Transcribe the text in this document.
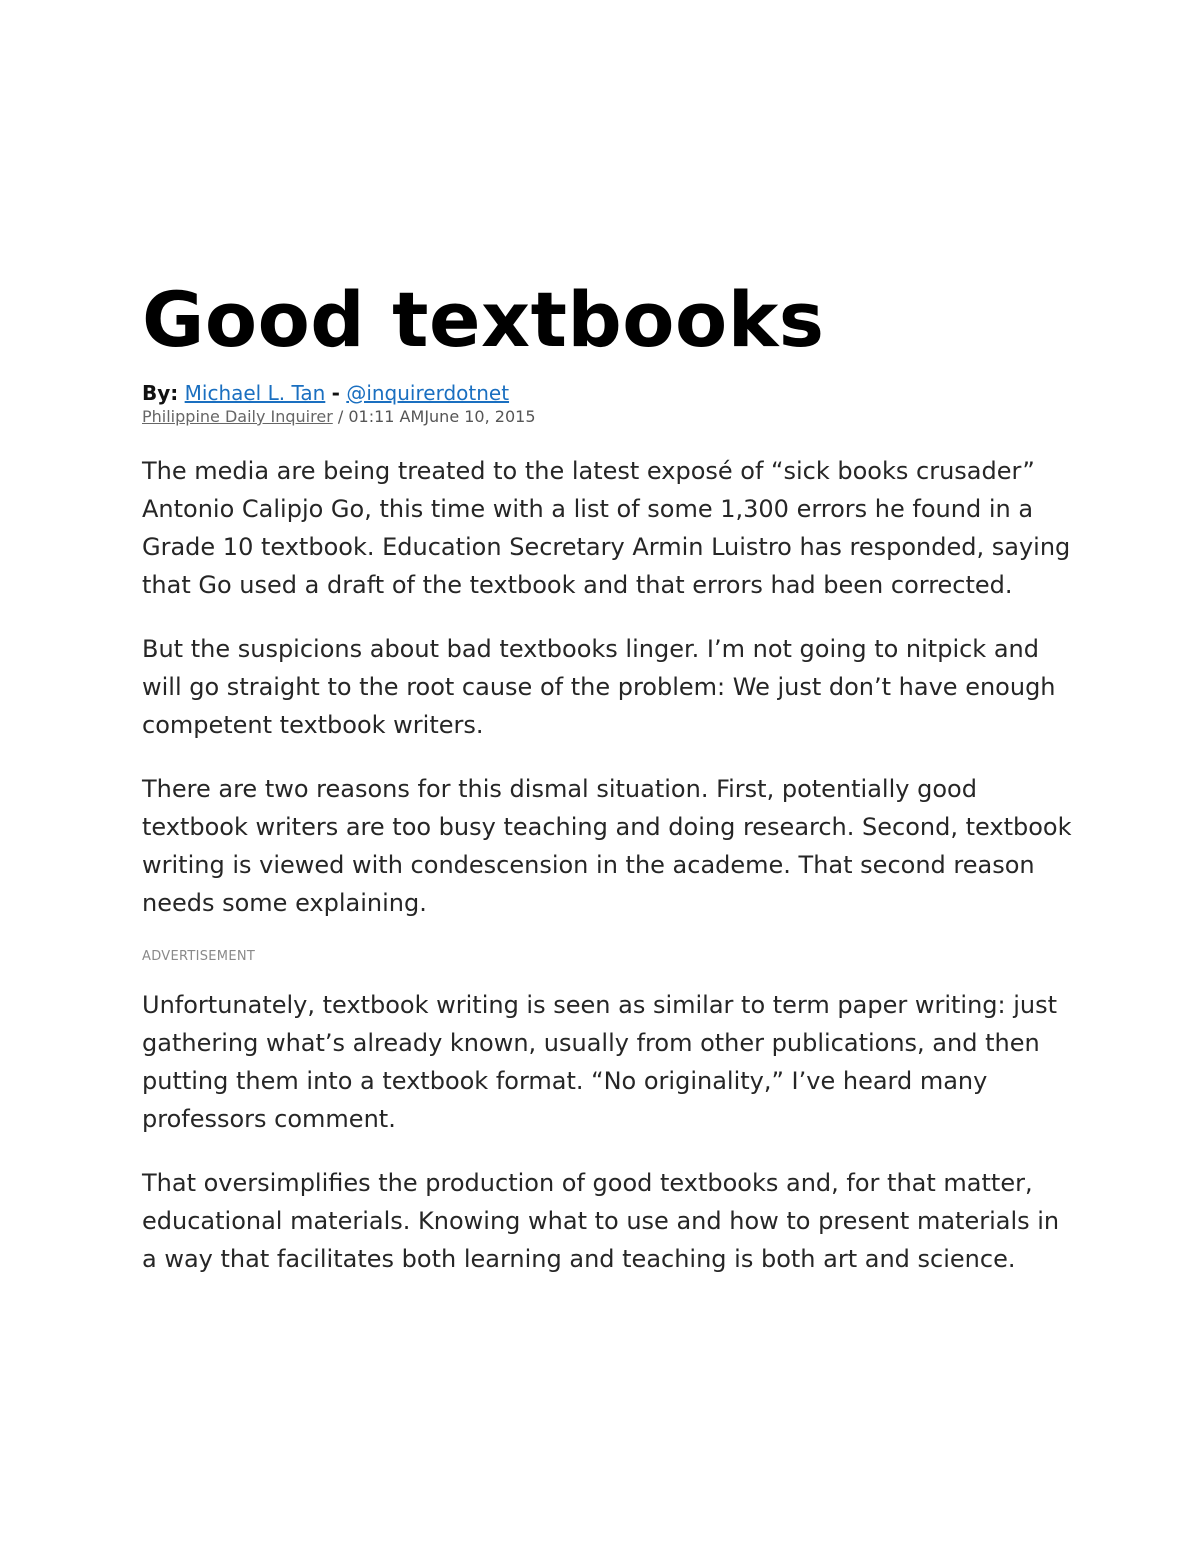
Good textbooks

By: Michael L. Tan - @inquirerdotnet

Philippine Daily Inquirer / 01:11 AMJune 10, 2015

The media are being treated to the latest exposé of “sick books crusader” Antonio Calipjo Go, this time with a list of some 1,300 errors he found in a Grade 10 textbook. Education Secretary Armin Luistro has responded, saying that Go used a draft of the textbook and that errors had been corrected.

But the suspicions about bad textbooks linger. I’m not going to nitpick and will go straight to the root cause of the problem: We just don’t have enough competent textbook writers.

There are two reasons for this dismal situation. First, potentially good textbook writers are too busy teaching and doing research. Second, textbook writing is viewed with condescension in the academe. That second reason needs some explaining.

ADVERTISEMENT

Unfortunately, textbook writing is seen as similar to term paper writing: just gathering what’s already known, usually from other publications, and then putting them into a textbook format. “No originality,” I’ve heard many professors comment.

That oversimplifies the production of good textbooks and, for that matter, educational materials. Knowing what to use and how to present materials in a way that facilitates both learning and teaching is both art and science.
